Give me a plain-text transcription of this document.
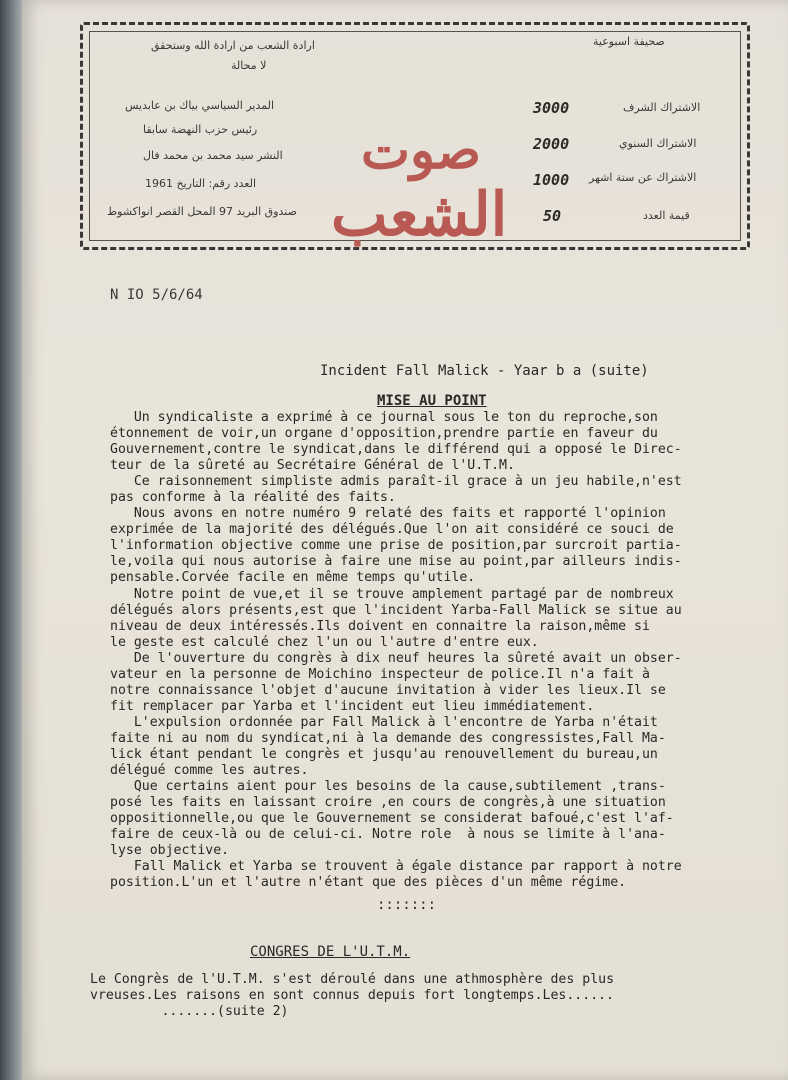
ارادة الشعب من ارادة الله وستحقق
لا محالة
المدير السياسي بياك بن عابديس
رئيس حزب النهضة سابقا
النشر سيد محمد بن محمد فال
العدد رقم: التاريخ 1961
صندوق البريد 97 المحل القصر انواكشوط
صوت
الشعب
صحيفة اسبوعية
الاشتراك الشرف
الاشتراك السنوي
الاشتراك عن ستة اشهر
قيمة العدد
3000
2000
1000
50
N IO 5/6/64
Incident Fall Malick - Yaar b a (suite)
MISE AU POINT
Un syndicaliste a exprimé à ce journal sous le ton du reproche,son
étonnement de voir,un organe d'opposition,prendre partie en faveur du
Gouvernement,contre le syndicat,dans le différend qui a opposé le Direc-
teur de la sûreté au Secrétaire Général de l'U.T.M.
Ce raisonnement simpliste admis paraît-il grace à un jeu habile,n'est
pas conforme à la réalité des faits.
Nous avons en notre numéro 9 relaté des faits et rapporté l'opinion
exprimée de la majorité des délégués.Que l'on ait considéré ce souci de
l'information objective comme une prise de position,par surcroit partia-
le,voila qui nous autorise à faire une mise au point,par ailleurs indis-
pensable.Corvée facile en même temps qu'utile.
Notre point de vue,et il se trouve amplement partagé par de nombreux
délégués alors présents,est que l'incident Yarba-Fall Malick se situe au
niveau de deux intéressés.Ils doivent en connaitre la raison,même si
le geste est calculé chez l'un ou l'autre d'entre eux.
De l'ouverture du congrès à dix neuf heures la sûreté avait un obser-
vateur en la personne de Moichino inspecteur de police.Il n'a fait à
notre connaissance l'objet d'aucune invitation à vider les lieux.Il se
fit remplacer par Yarba et l'incident eut lieu immédiatement.
L'expulsion ordonnée par Fall Malick à l'encontre de Yarba n'était
faite ni au nom du syndicat,ni à la demande des congressistes,Fall Ma-
lick étant pendant le congrès et jusqu'au renouvellement du bureau,un
délégué comme les autres.
Que certains aient pour les besoins de la cause,subtilement ,trans-
posé les faits en laissant croire ,en cours de congrès,à une situation
oppositionnelle,ou que le Gouvernement se considerat bafoué,c'est l'af-
faire de ceux-là ou de celui-ci. Notre role  à nous se limite à l'ana-
lyse objective.
Fall Malick et Yarba se trouvent à égale distance par rapport à notre
position.L'un et l'autre n'étant que des pièces d'un même régime.
:::::::
CONGRES DE L'U.T.M.
Le Congrès de l'U.T.M. s'est déroulé dans une athmosphère des plus
vreuses.Les raisons en sont connus depuis fort longtemps.Les......
.......(suite 2)
